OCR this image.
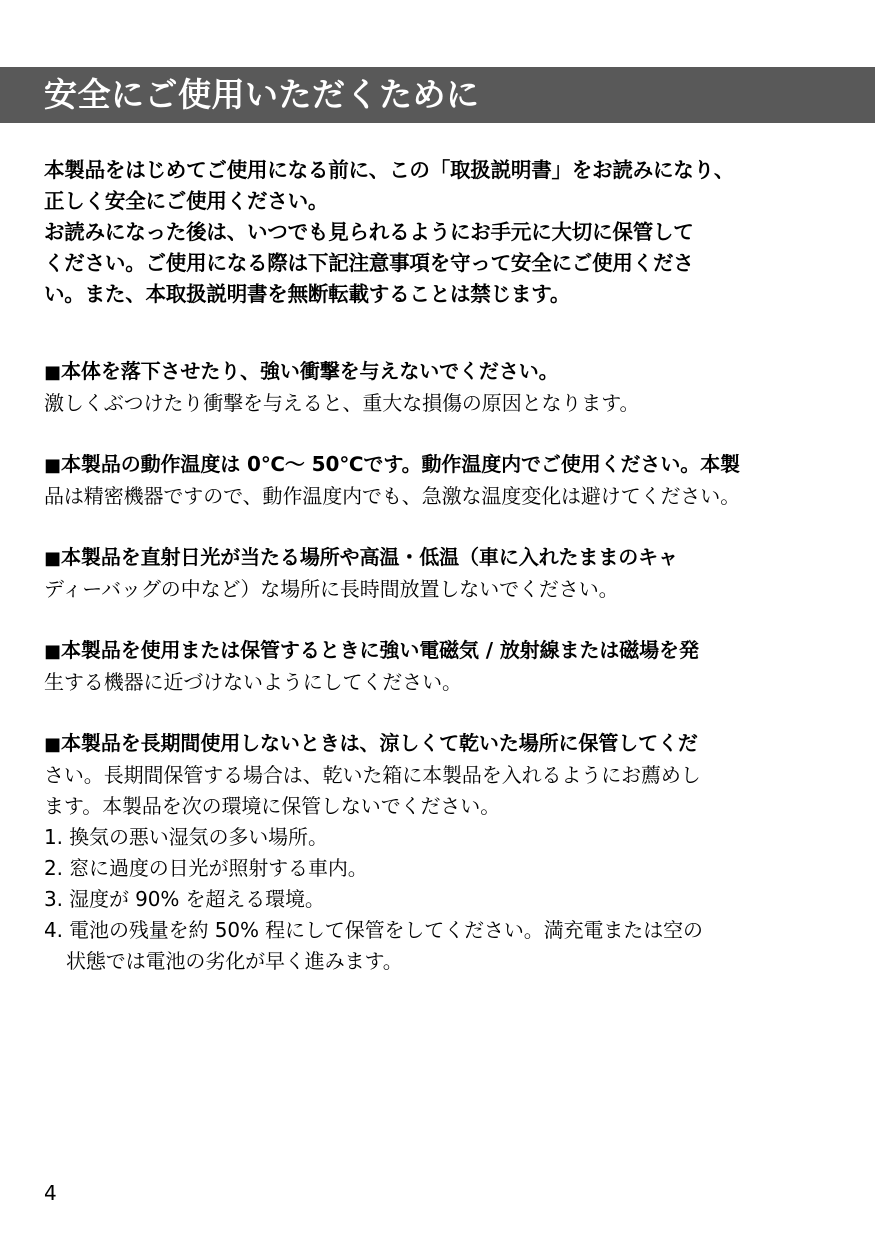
安全にご使用いただくために

本製品をはじめてご使用になる前に、この「取扱説明書」をお読みになり、

正しく安全にご使用ください。

お読みになった後は、いつでも見られるようにお手元に大切に保管して

ください。ご使用になる際は下記注意事項を守って安全にご使用くださ

い。また、本取扱説明書を無断転載することは禁じます。

■本体を落下させたり、強い衝撃を与えないでください。

激しくぶつけたり衝撃を与えると、重大な損傷の原因となります。

■本製品の動作温度は 0℃～ 50℃です。動作温度内でご使用ください。本製

品は精密機器ですので、動作温度内でも、急激な温度変化は避けてください。

■本製品を直射日光が当たる場所や高温・低温（車に入れたままのキャ

ディーバッグの中など）な場所に長時間放置しないでください。

■本製品を使用または保管するときに強い電磁気 / 放射線または磁場を発

生する機器に近づけないようにしてください。

■本製品を長期間使用しないときは、涼しくて乾いた場所に保管してくだ

さい。長期間保管する場合は、乾いた箱に本製品を入れるようにお薦めし

ます。本製品を次の環境に保管しないでください。

1. 換気の悪い湿気の多い場所。

2. 窓に過度の日光が照射する車内。

3. 湿度が 90% を超える環境。

4. 電池の残量を約 50% 程にして保管をしてください。満充電または空の

状態では電池の劣化が早く進みます。

4
